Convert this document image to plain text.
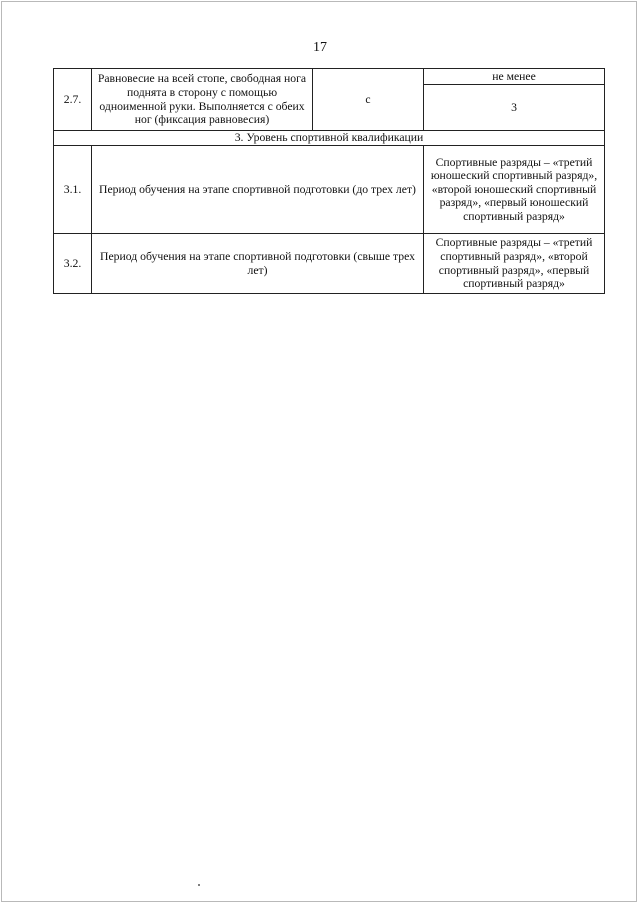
17
2.7.	Равновесие на всей стопе, свободная нога поднята в сторону с помощью одноименной руки. Выполняется с обеих ног (фиксация равновесия)	с	не менее
			3
3. Уровень спортивной квалификации			
3.1.	Период обучения на этапе спортивной подготовки (до трех лет)		Спортивные разряды – «третий юношеский спортивный разряд», «второй юношеский спортивный разряд», «первый юношеский спортивный разряд»
3.2.	Период обучения на этапе спортивной подготовки (свыше трех лет)		Спортивные разряды – «третий спортивный разряд», «второй спортивный разряд», «первый спортивный разряд»
